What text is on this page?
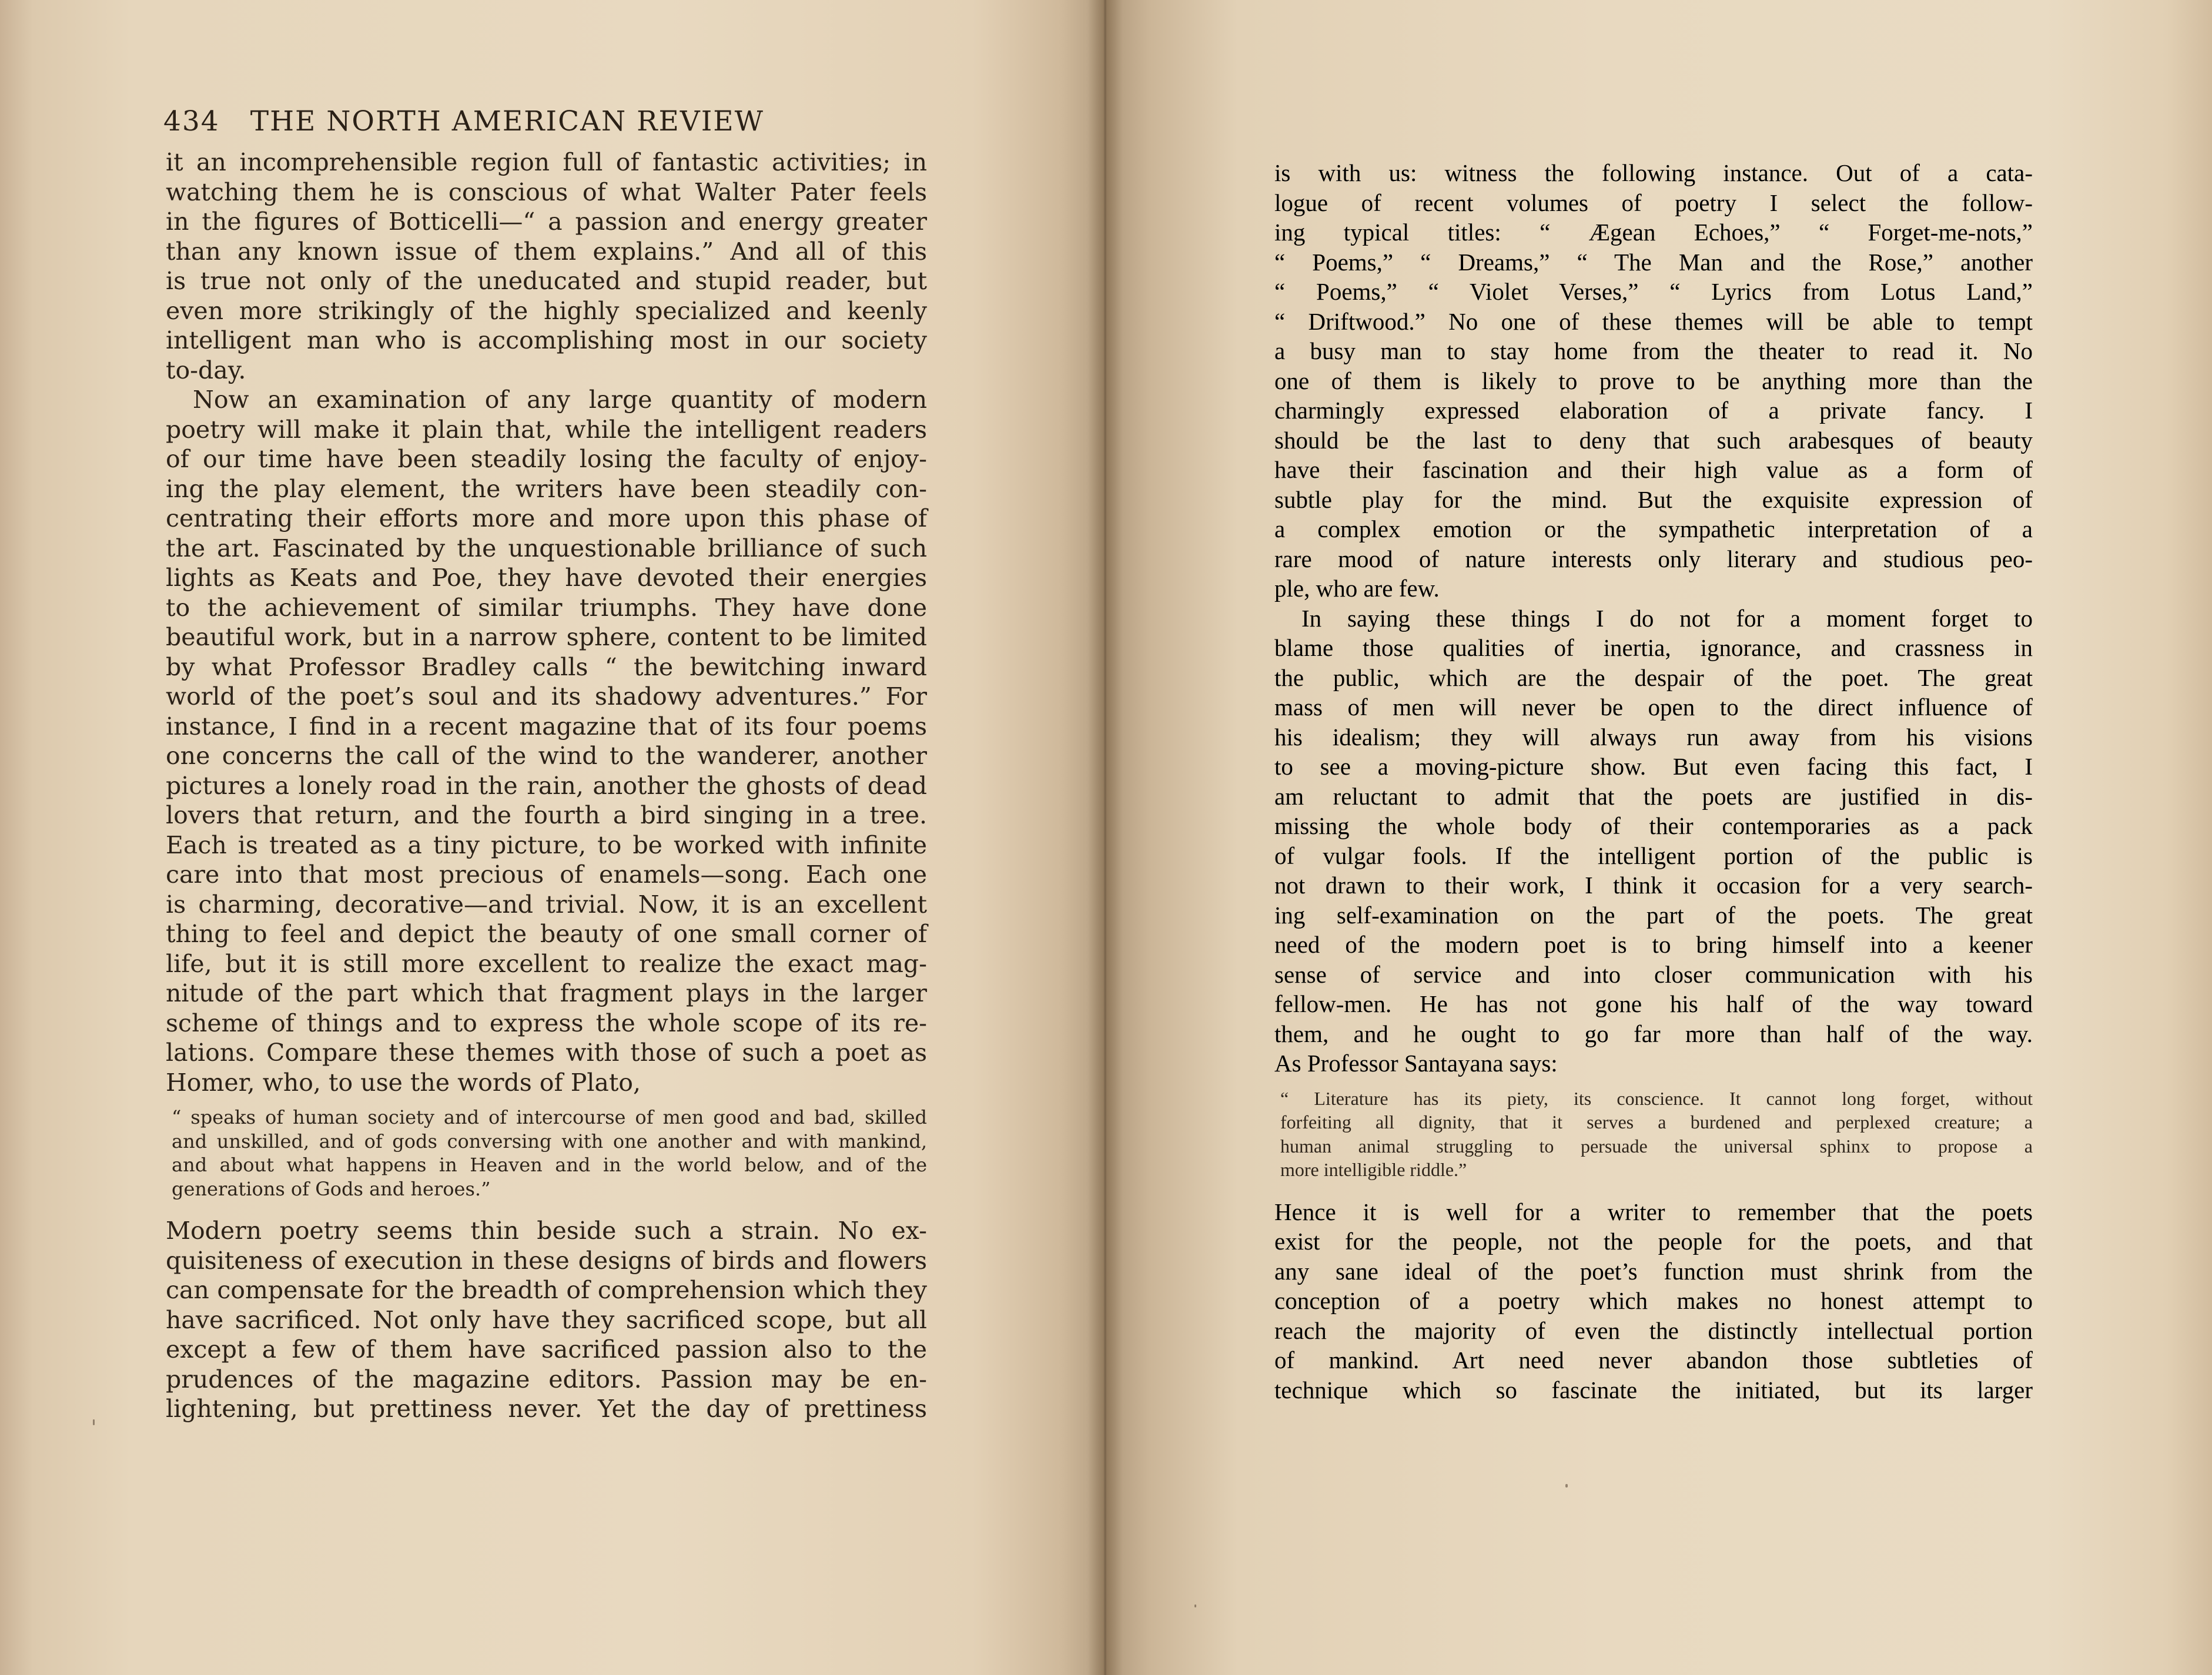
434 THE NORTH AMERICAN REVIEW
it an incomprehensible region full of fantastic activities; in
watching them he is conscious of what Walter Pater feels
in the figures of Botticelli—“ a passion and energy greater
than any known issue of them explains.” And all of this
is true not only of the uneducated and stupid reader, but
even more strikingly of the highly specialized and keenly
intelligent man who is accomplishing most in our society
to-day.
Now an examination of any large quantity of modern
poetry will make it plain that, while the intelligent readers
of our time have been steadily losing the faculty of enjoy-
ing the play element, the writers have been steadily con-
centrating their efforts more and more upon this phase of
the art. Fascinated by the unquestionable brilliance of such
lights as Keats and Poe, they have devoted their energies
to the achievement of similar triumphs. They have done
beautiful work, but in a narrow sphere, content to be limited
by what Professor Bradley calls “ the bewitching inward
world of the poet’s soul and its shadowy adventures.” For
instance, I find in a recent magazine that of its four poems
one concerns the call of the wind to the wanderer, another
pictures a lonely road in the rain, another the ghosts of dead
lovers that return, and the fourth a bird singing in a tree.
Each is treated as a tiny picture, to be worked with infinite
care into that most precious of enamels—song. Each one
is charming, decorative—and trivial. Now, it is an excellent
thing to feel and depict the beauty of one small corner of
life, but it is still more excellent to realize the exact mag-
nitude of the part which that fragment plays in the larger
scheme of things and to express the whole scope of its re-
lations. Compare these themes with those of such a poet as
Homer, who, to use the words of Plato,
“ speaks of human society and of intercourse of men good and bad, skilled
and unskilled, and of gods conversing with one another and with mankind,
and about what happens in Heaven and in the world below, and of the
generations of Gods and heroes.”
Modern poetry seems thin beside such a strain. No ex-
quisiteness of execution in these designs of birds and flowers
can compensate for the breadth of comprehension which they
have sacrificed. Not only have they sacrificed scope, but all
except a few of them have sacrificed passion also to the
prudences of the magazine editors. Passion may be en-
lightening, but prettiness never. Yet the day of prettiness
is with us: witness the following instance. Out of a cata-
logue of recent volumes of poetry I select the follow-
ing typical titles: “ Ægean Echoes,” “ Forget-me-nots,”
“ Poems,” “ Dreams,” “ The Man and the Rose,” another
“ Poems,” “ Violet Verses,” “ Lyrics from Lotus Land,”
“ Driftwood.” No one of these themes will be able to tempt
a busy man to stay home from the theater to read it. No
one of them is likely to prove to be anything more than the
charmingly expressed elaboration of a private fancy. I
should be the last to deny that such arabesques of beauty
have their fascination and their high value as a form of
subtle play for the mind. But the exquisite expression of
a complex emotion or the sympathetic interpretation of a
rare mood of nature interests only literary and studious peo-
ple, who are few.
In saying these things I do not for a moment forget to
blame those qualities of inertia, ignorance, and crassness in
the public, which are the despair of the poet. The great
mass of men will never be open to the direct influence of
his idealism; they will always run away from his visions
to see a moving-picture show. But even facing this fact, I
am reluctant to admit that the poets are justified in dis-
missing the whole body of their contemporaries as a pack
of vulgar fools. If the intelligent portion of the public is
not drawn to their work, I think it occasion for a very search-
ing self-examination on the part of the poets. The great
need of the modern poet is to bring himself into a keener
sense of service and into closer communication with his
fellow-men. He has not gone his half of the way toward
them, and he ought to go far more than half of the way.
As Professor Santayana says:
“ Literature has its piety, its conscience. It cannot long forget, without
forfeiting all dignity, that it serves a burdened and perplexed creature; a
human animal struggling to persuade the universal sphinx to propose a
more intelligible riddle.”
Hence it is well for a writer to remember that the poets
exist for the people, not the people for the poets, and that
any sane ideal of the poet’s function must shrink from the
conception of a poetry which makes no honest attempt to
reach the majority of even the distinctly intellectual portion
of mankind. Art need never abandon those subtleties of
technique which so fascinate the initiated, but its larger
